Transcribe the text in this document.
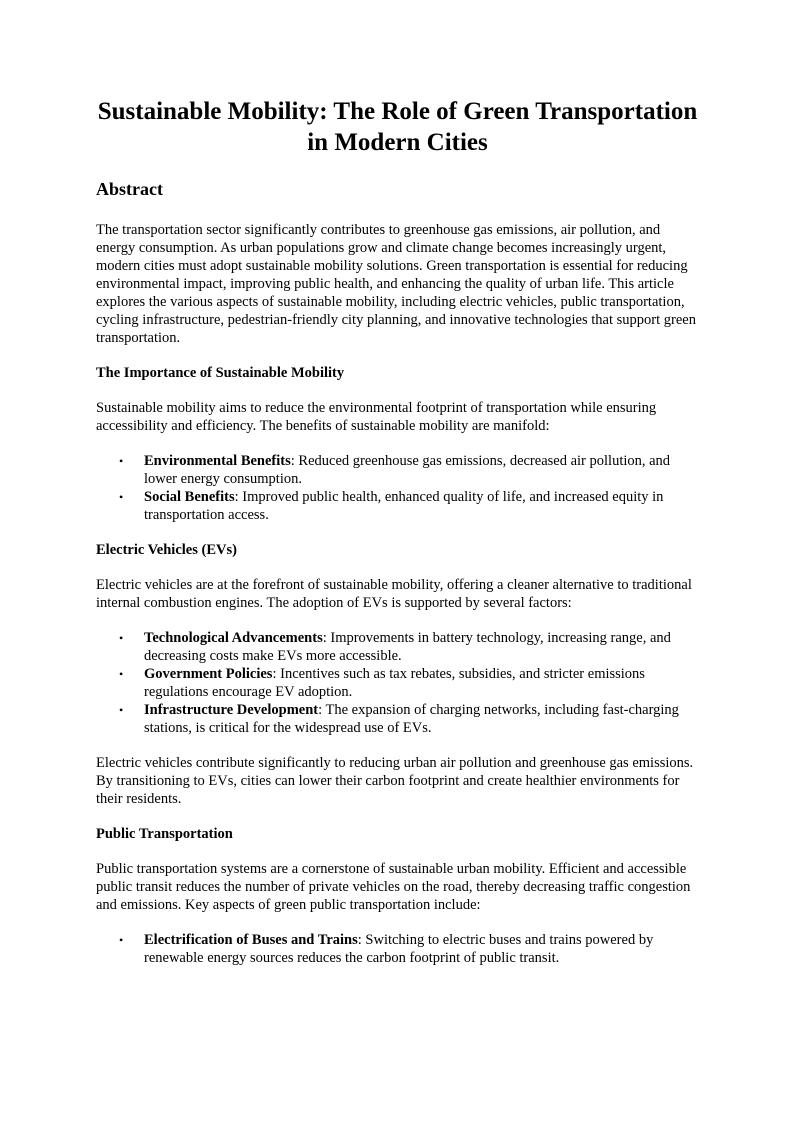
Sustainable Mobility: The Role of Green Transportation in Modern Cities
Abstract

The transportation sector significantly contributes to greenhouse gas emissions, air pollution, and energy consumption. As urban populations grow and climate change becomes increasingly urgent, modern cities must adopt sustainable mobility solutions. Green transportation is essential for reducing environmental impact, improving public health, and enhancing the quality of urban life. This article explores the various aspects of sustainable mobility, including electric vehicles, public transportation, cycling infrastructure, pedestrian-friendly city planning, and innovative technologies that support green transportation.

The Importance of Sustainable Mobility

Sustainable mobility aims to reduce the environmental footprint of transportation while ensuring accessibility and efficiency. The benefits of sustainable mobility are manifold:

• Environmental Benefits: Reduced greenhouse gas emissions, decreased air pollution, and lower energy consumption.
• Social Benefits: Improved public health, enhanced quality of life, and increased equity in transportation access.
Electric Vehicles (EVs)

Electric vehicles are at the forefront of sustainable mobility, offering a cleaner alternative to traditional internal combustion engines. The adoption of EVs is supported by several factors:

• Technological Advancements: Improvements in battery technology, increasing range, and decreasing costs make EVs more accessible.
• Government Policies: Incentives such as tax rebates, subsidies, and stricter emissions regulations encourage EV adoption.
• Infrastructure Development: The expansion of charging networks, including fast-charging stations, is critical for the widespread use of EVs.

Electric vehicles contribute significantly to reducing urban air pollution and greenhouse gas emissions. By transitioning to EVs, cities can lower their carbon footprint and create healthier environments for their residents.

Public Transportation

Public transportation systems are a cornerstone of sustainable urban mobility. Efficient and accessible public transit reduces the number of private vehicles on the road, thereby decreasing traffic congestion and emissions. Key aspects of green public transportation include:

• Electrification of Buses and Trains: Switching to electric buses and trains powered by renewable energy sources reduces the carbon footprint of public transit.
